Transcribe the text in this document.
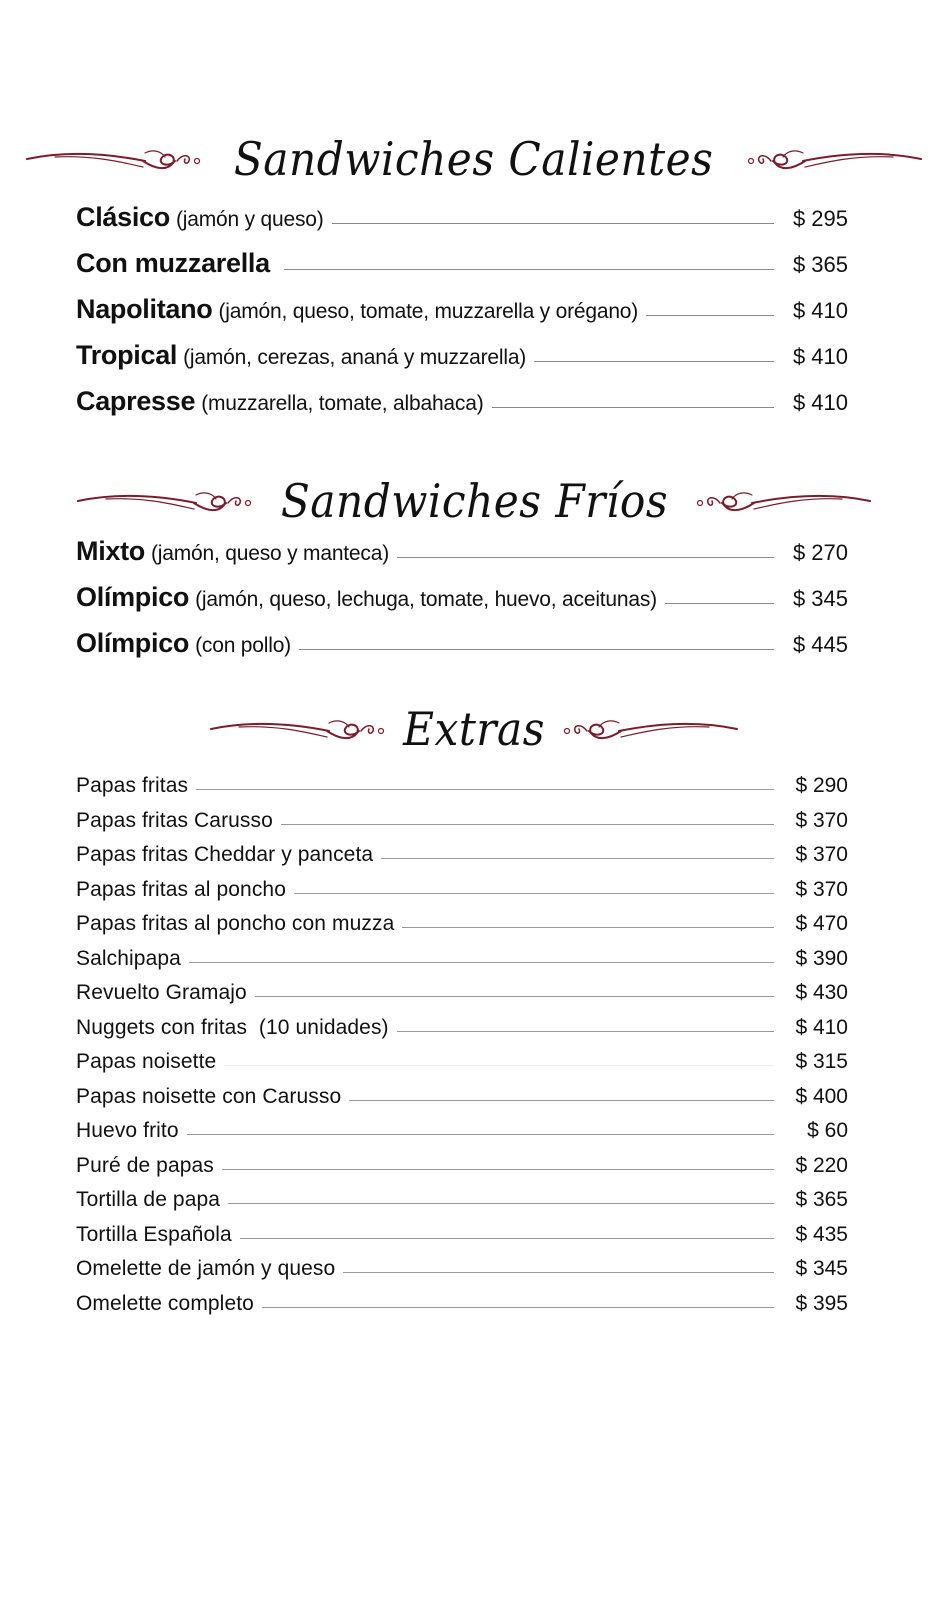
Sandwiches Calientes
Clásico (jamón y queso)	$ 295
Con muzzarella	$ 365
Napolitano (jamón, queso, tomate, muzzarella y orégano)	$ 410
Tropical (jamón, cerezas, ananá y muzzarella)	$ 410
Capresse (muzzarella, tomate, albahaca)	$ 410
Sandwiches Fríos
Mixto (jamón, queso y manteca)	$ 270
Olímpico (jamón, queso, lechuga, tomate, huevo, aceitunas)	$ 345
Olímpico (con pollo)	$ 445
Extras
Papas fritas	$ 290
Papas fritas Carusso	$ 370
Papas fritas Cheddar y panceta	$ 370
Papas fritas al poncho	$ 370
Papas fritas al poncho con muzza	$ 470
Salchipapa	$ 390
Revuelto Gramajo	$ 430
Nuggets con fritas  (10 unidades)	$ 410
Papas noisette	$ 315
Papas noisette con Carusso	$ 400
Huevo frito	$ 60
Puré de papas	$ 220
Tortilla de papa	$ 365
Tortilla Española	$ 435
Omelette de jamón y queso	$ 345
Omelette completo	$ 395
